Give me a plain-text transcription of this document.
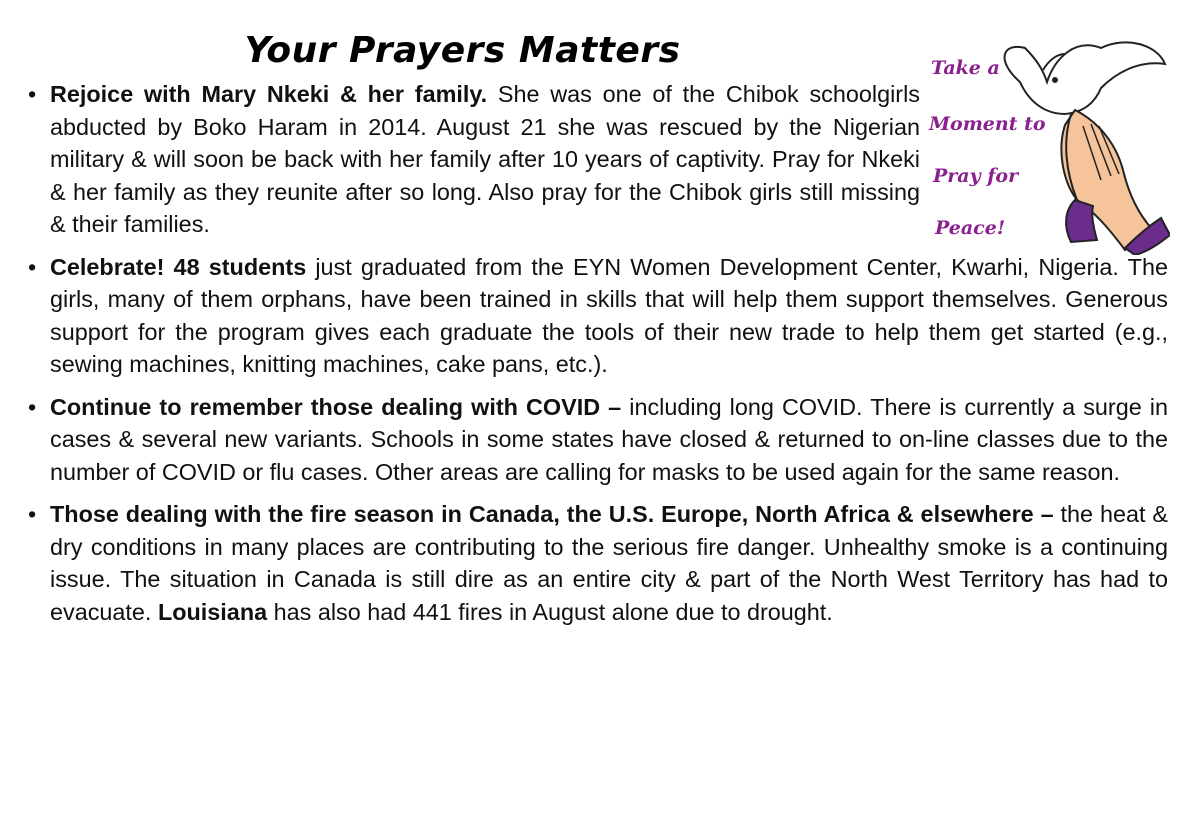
Your Prayers Matters	Take a
Moment to
Pray for
Peace!
• Rejoice with Mary Nkeki & her family. She was one of the Chibok schoolgirls abducted by Boko Haram in 2014. August 21 she was rescued by the Nigerian military & will soon be back with her family after 10 years of captivity. Pray for Nkeki & her family as they reunite after so long. Also pray for the Chibok girls still missing & their families.
• Celebrate! 48 students just graduated from the EYN Women Development Center, Kwarhi, Nigeria. The girls, many of them orphans, have been trained in skills that will help them support themselves. Generous support for the program gives each graduate the tools of their new trade to help them get started (e.g., sewing machines, knitting machines, cake pans, etc.).
• Continue to remember those dealing with COVID – including long COVID. There is currently a surge in cases & several new variants. Schools in some states have closed & returned to on-line classes due to the number of COVID or flu cases. Other areas are calling for masks to be used again for the same reason.
• Those dealing with the fire season in Canada, the U.S. Europe, North Africa & elsewhere – the heat & dry conditions in many places are contributing to the serious fire danger. Unhealthy smoke is a continuing issue. The situation in Canada is still dire as an entire city & part of the North West Territory has had to evacuate. Louisiana has also had 441 fires in August alone due to drought.
